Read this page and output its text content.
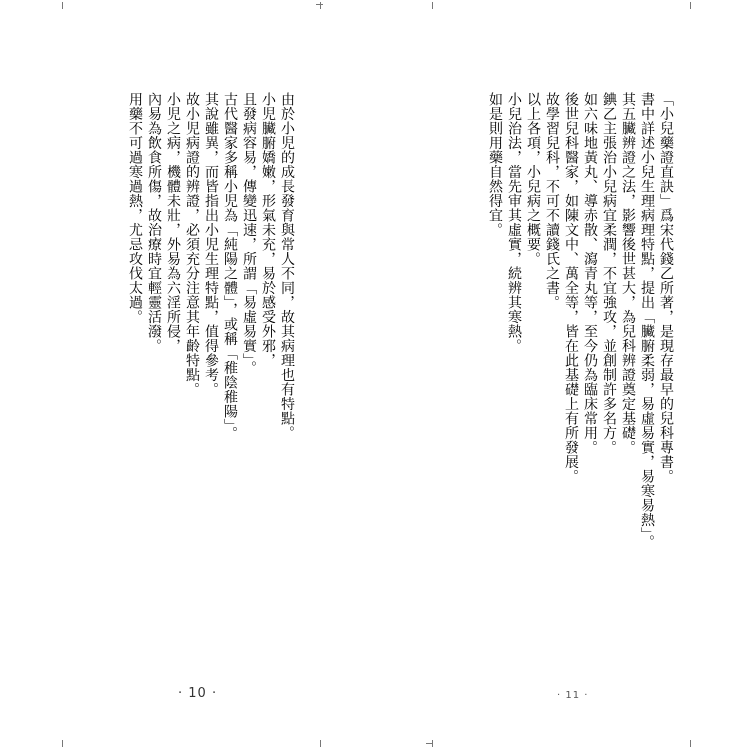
由於小児的成長發育與常人不同，故其病理也有特點。

小児臟腑嬌嫩，形氣未充，易於感受外邪，

且發病容易，傳變迅速，所謂「易虛易實」。

古代醫家多稱小児為「純陽之體」，或稱「稚陰稚陽」。

其說雖異，而皆指出小児生理特點，值得參考。

故小児病證的辨證，必須充分注意其年齡特點。

小児之病，機體未壯，外易為六淫所侵，

內易為飲食所傷，故治療時宜輕靈活潑。

用藥不可過寒過熱，尤忌攻伐太過。

· 10 ·

「小兒藥證直訣」爲宋代錢乙所著，是現存最早的兒科專書。

書中詳述小兒生理病理特點，提出「臟腑柔弱，易虛易實，易寒易熱」。

其五臟辨證之法，影響後世甚大，為兒科辨證奠定基礎。

錪乙主張治小兒病宜柔潤，不宜強攻，並創制許多名方。

如六味地黃丸、導赤散、瀉青丸等，至今仍為臨床常用。

後世兒科醫家，如陳文中、萬全等，皆在此基礎上有所發展。

故學習兒科，不可不讀錢氏之書。

以上各項，小兒病之概要。

小兒治法，當先审其虛實，続辨其寒熱。

如是則用藥自然得宜。

· 11 ·
